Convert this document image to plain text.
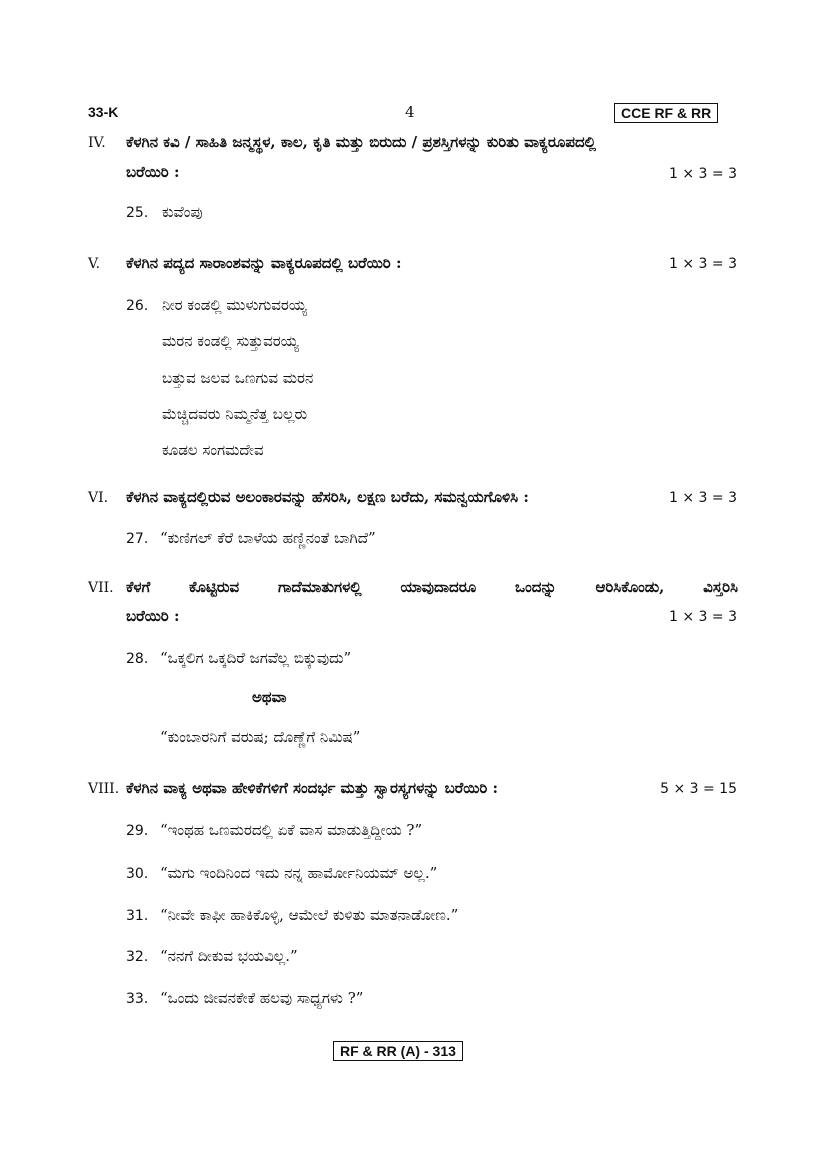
33-K	4	CCE RF & RR
IV. ಕೆಳಗಿನ ಕವಿ / ಸಾಹಿತಿ ಜನ್ಮಸ್ಥಳ, ಕಾಲ, ಕೃತಿ ಮತ್ತು ಬಿರುದು / ಪ್ರಶಸ್ತಿಗಳನ್ನು ಕುರಿತು ವಾಕ್ಯರೂಪದಲ್ಲಿ
ಬರೆಯಿರಿ :	1 × 3 = 3
25. ಕುವೆಂಪು
V. ಕೆಳಗಿನ ಪದ್ಯದ ಸಾರಾಂಶವನ್ನು ವಾಕ್ಯರೂಪದಲ್ಲಿ ಬರೆಯಿರಿ :	1 × 3 = 3
26. ನೀರ ಕಂಡಲ್ಲಿ ಮುಳುಗುವರಯ್ಯ
ಮರನ ಕಂಡಲ್ಲಿ ಸುತ್ತುವರಯ್ಯ
ಬತ್ತುವ ಜಲವ ಒಣಗುವ ಮರನ
ಮೆಚ್ಚಿದವರು ನಿಮ್ಮನೆತ್ತ ಬಲ್ಲರು
ಕೂಡಲ ಸಂಗಮದೇವ
VI. ಕೆಳಗಿನ ವಾಕ್ಯದಲ್ಲಿರುವ ಅಲಂಕಾರವನ್ನು ಹೆಸರಿಸಿ, ಲಕ್ಷಣ ಬರೆದು, ಸಮನ್ವಯಗೊಳಿಸಿ :	1 × 3 = 3
27. “ಕುಣಿಗಲ್ ಕೆರೆ ಬಾಳೆಯ ಹಣ್ಣಿನಂತೆ ಬಾಗಿದೆ”
VII. ಕೆಳಗೆ ಕೊಟ್ಟಿರುವ ಗಾದೆಮಾತುಗಳಲ್ಲಿ ಯಾವುದಾದರೂ ಒಂದನ್ನು ಆರಿಸಿಕೊಂಡು, ವಿಸ್ತರಿಸಿ
ಬರೆಯಿರಿ :	1 × 3 = 3
28. “ಒಕ್ಕಲಿಗ ಒಕ್ಕದಿರೆ ಜಗವೆಲ್ಲ ಬಿಕ್ಕುವುದು”
ಅಥವಾ
“ಕುಂಬಾರನಿಗೆ ವರುಷ; ದೊಣ್ಣೆಗೆ ನಿಮಿಷ”
VIII. ಕೆಳಗಿನ ವಾಕ್ಯ ಅಥವಾ ಹೇಳಿಕೆಗಳಿಗೆ ಸಂದರ್ಭ ಮತ್ತು ಸ್ವಾರಸ್ಯಗಳನ್ನು ಬರೆಯಿರಿ :	5 × 3 = 15
29. “ಇಂಥಹ ಒಣಮರದಲ್ಲಿ ಏಕೆ ವಾಸ ಮಾಡುತ್ತಿದ್ದೀಯ ?”
30. “ಮಗು ಇಂದಿನಿಂದ ಇದು ನನ್ನ ಹಾರ್ಮೋನಿಯಮ್ ಅಲ್ಲ.”
31. “ನೀವೇ ಕಾಫೀ ಹಾಕಿಕೊಳ್ಳಿ, ಆಮೇಲೆ ಕುಳಿತು ಮಾತನಾಡೋಣ.”
32. “ನನಗೆ ದೀಕುವ ಭಯವಿಲ್ಲ.”
33. “ಒಂದು ಜೀವನಕೇಕೆ ಹಲವು ಸಾಧ್ಯಗಳು ?”
RF & RR (A) - 313
